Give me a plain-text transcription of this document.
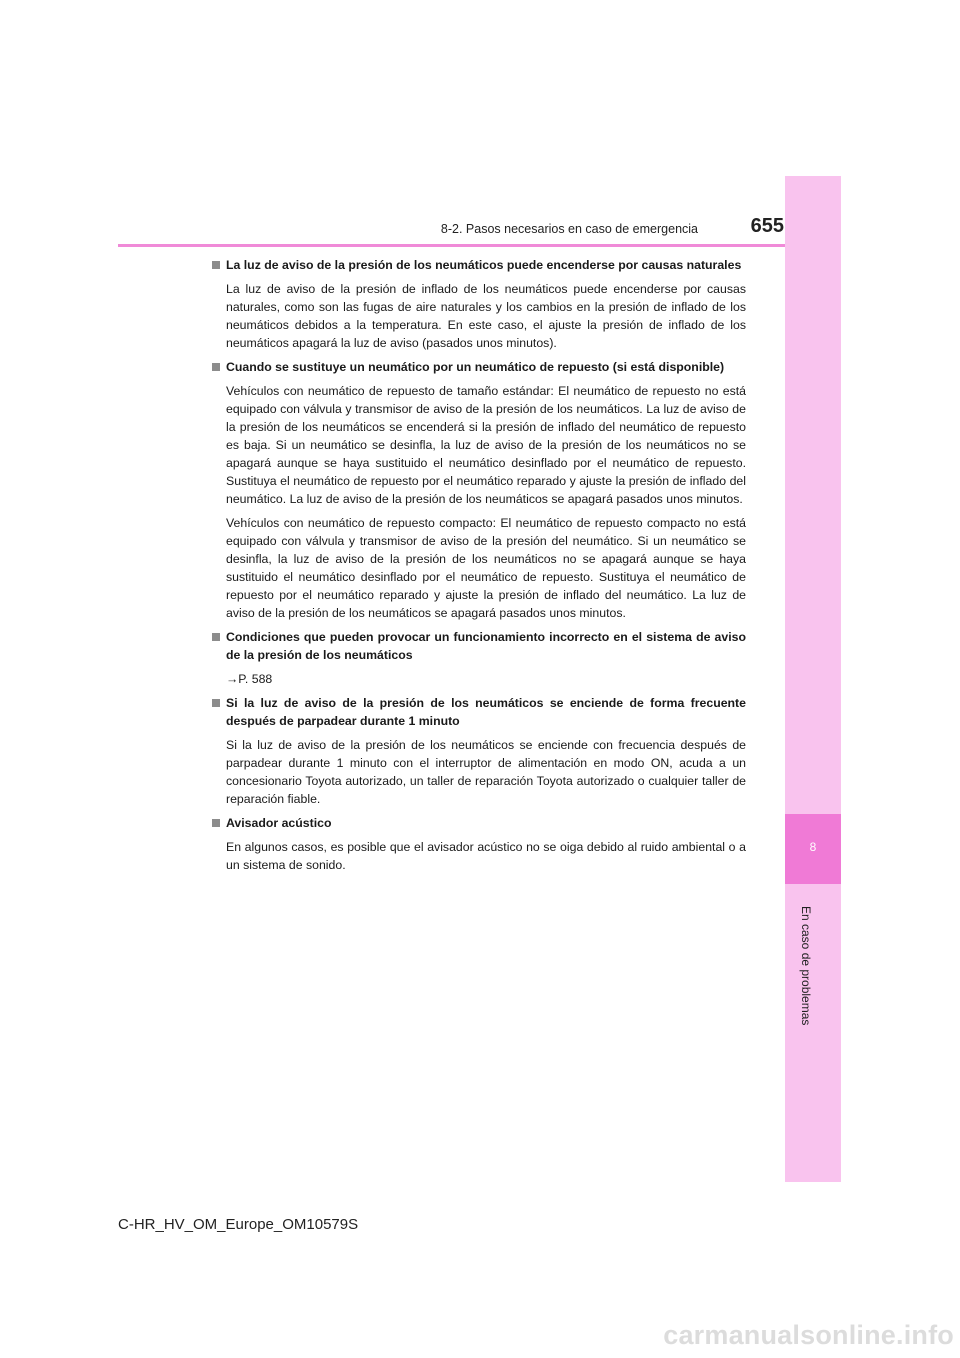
8-2. Pasos necesarios en caso de emergencia	655
8
En caso de problemas
La luz de aviso de la presión de los neumáticos puede encenderse por causas naturales

La luz de aviso de la presión de inflado de los neumáticos puede encenderse por causas naturales, como son las fugas de aire naturales y los cambios en la presión de inflado de los neumáticos debidos a la temperatura. En este caso, el ajuste la presión de inflado de los neumáticos apagará la luz de aviso (pasados unos minutos).

Cuando se sustituye un neumático por un neumático de repuesto (si está disponible)

Vehículos con neumático de repuesto de tamaño estándar: El neumático de repuesto no está equipado con válvula y transmisor de aviso de la presión de los neumáticos. La luz de aviso de la presión de los neumáticos se encenderá si la presión de inflado del neumático de repuesto es baja. Si un neumático se desinfla, la luz de aviso de la presión de los neumáticos no se apagará aunque se haya sustituido el neumático desinflado por el neumático de repuesto. Sustituya el neumático de repuesto por el neumático reparado y ajuste la presión de inflado del neumático. La luz de aviso de la presión de los neumáticos se apagará pasados unos minutos.

Vehículos con neumático de repuesto compacto: El neumático de repuesto compacto no está equipado con válvula y transmisor de aviso de la presión del neumático. Si un neumático se desinfla, la luz de aviso de la presión de los neumáticos no se apagará aunque se haya sustituido el neumático desinflado por el neumático de repuesto. Sustituya el neumático de repuesto por el neumático reparado y ajuste la presión de inflado del neumático. La luz de aviso de la presión de los neumáticos se apagará pasados unos minutos.

Condiciones que pueden provocar un funcionamiento incorrecto en el sistema de aviso de la presión de los neumáticos
→P. 588
Si la luz de aviso de la presión de los neumáticos se enciende de forma frecuente después de parpadear durante 1 minuto

Si la luz de aviso de la presión de los neumáticos se enciende con frecuencia después de parpadear durante 1 minuto con el interruptor de alimentación en modo ON, acuda a un concesionario Toyota autorizado, un taller de reparación Toyota autorizado o cualquier taller de reparación fiable.

Avisador acústico

En algunos casos, es posible que el avisador acústico no se oiga debido al ruido ambiental o a un sistema de sonido.

C-HR_HV_OM_Europe_OM10579S
carmanualsonline.info
